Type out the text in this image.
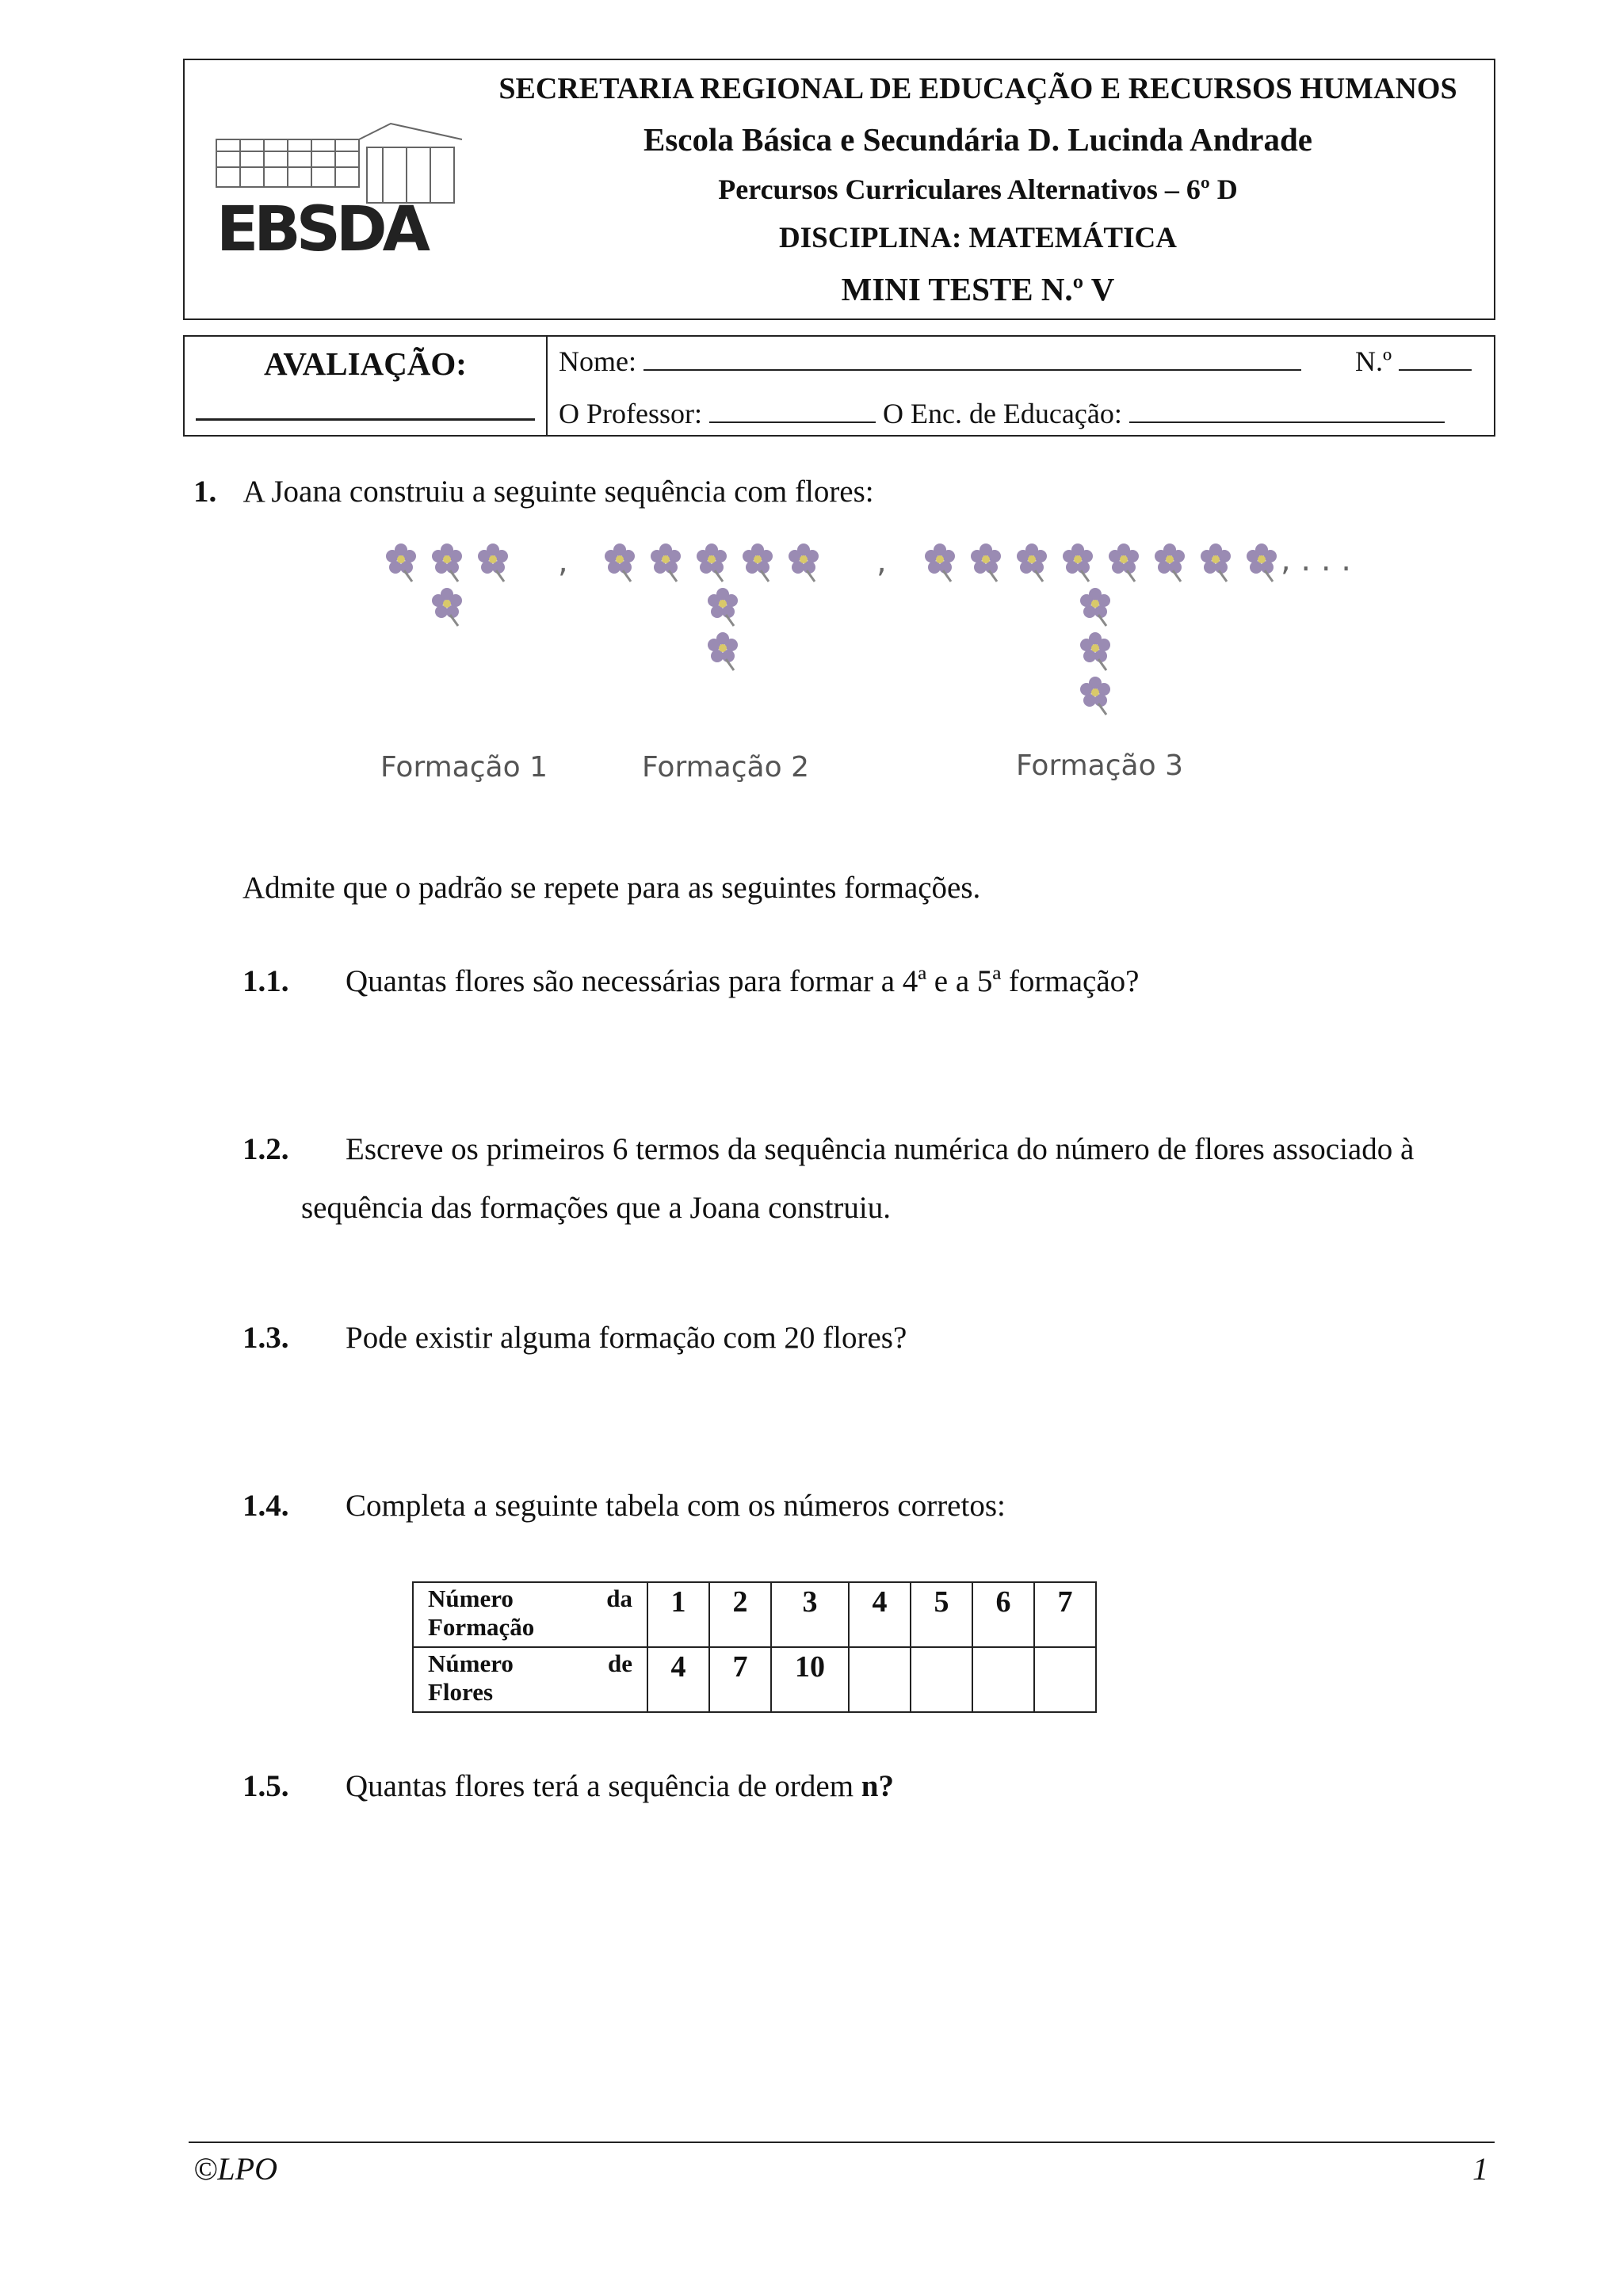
EBSDA

SECRETARIA REGIONAL DE EDUCAÇÃO E RECURSOS HUMANOS

Escola Básica e Secundária D. Lucinda Andrade

Percursos Curriculares Alternativos – 6º D

DISCIPLINA: MATEMÁTICA

MINI TESTE N.º V

AVALIAÇÃO:	Nome:	N.º
O Professor:	O Enc. de Educação:
1. A Joana construiu a seguinte sequência com flores:
,	,	, . . .
Formação 1	Formação 2	Formação 3
Admite que o padrão se repete para as seguintes formações.
1.1. Quantas flores são necessárias para formar a 4ª e a 5ª formação?
1.2. Escreve os primeiros 6 termos da sequência numérica do número de flores associado à
sequência das formações que a Joana construiu.
1.3. Pode existir alguma formação com 20 flores?
1.4. Completa a seguinte tabela com os números corretos:
Número da
Formação	1	2	3	4	5	6	7

Número de
Flores	4	7	10				
1.5. Quantas flores terá a sequência de ordem n?
©LPO	1
